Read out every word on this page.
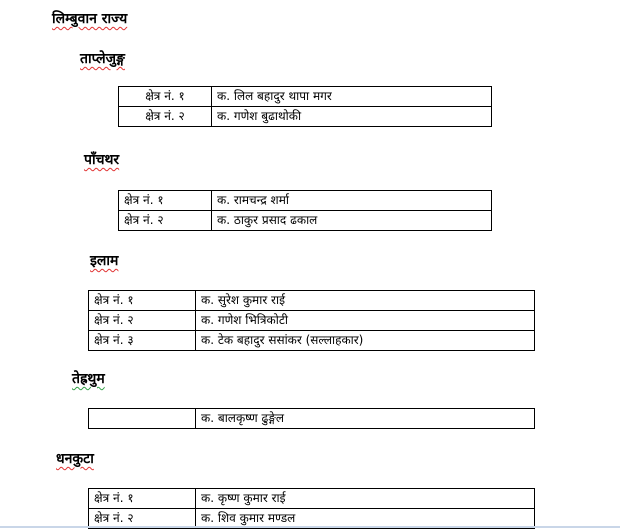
लिम्बुवान राज्य
ताप्लेजुङ्ग
क्षेत्र नं. १	क. लिल बहादुर थापा मगर
क्षेत्र नं. २	क. गणेश बुढाथोकी
पाँचथर
क्षेत्र नं. १	क. रामचन्द्र शर्मा
क्षेत्र नं. २	क. ठाकुर प्रसाद ढकाल
इलाम
क्षेत्र नं. १	क. सुरेश कुमार राई
क्षेत्र नं. २	क. गणेश भित्रिकोटी
क्षेत्र नं. ३	क. टेक बहादुर ससांकर (सल्लाहकार)
तेह्रथुम
	क. बालकृष्ण ढुङ्गेल
धनकुटा
क्षेत्र नं. १	क. कृष्ण कुमार राई
क्षेत्र नं. २	क. शिव कुमार मण्डल
